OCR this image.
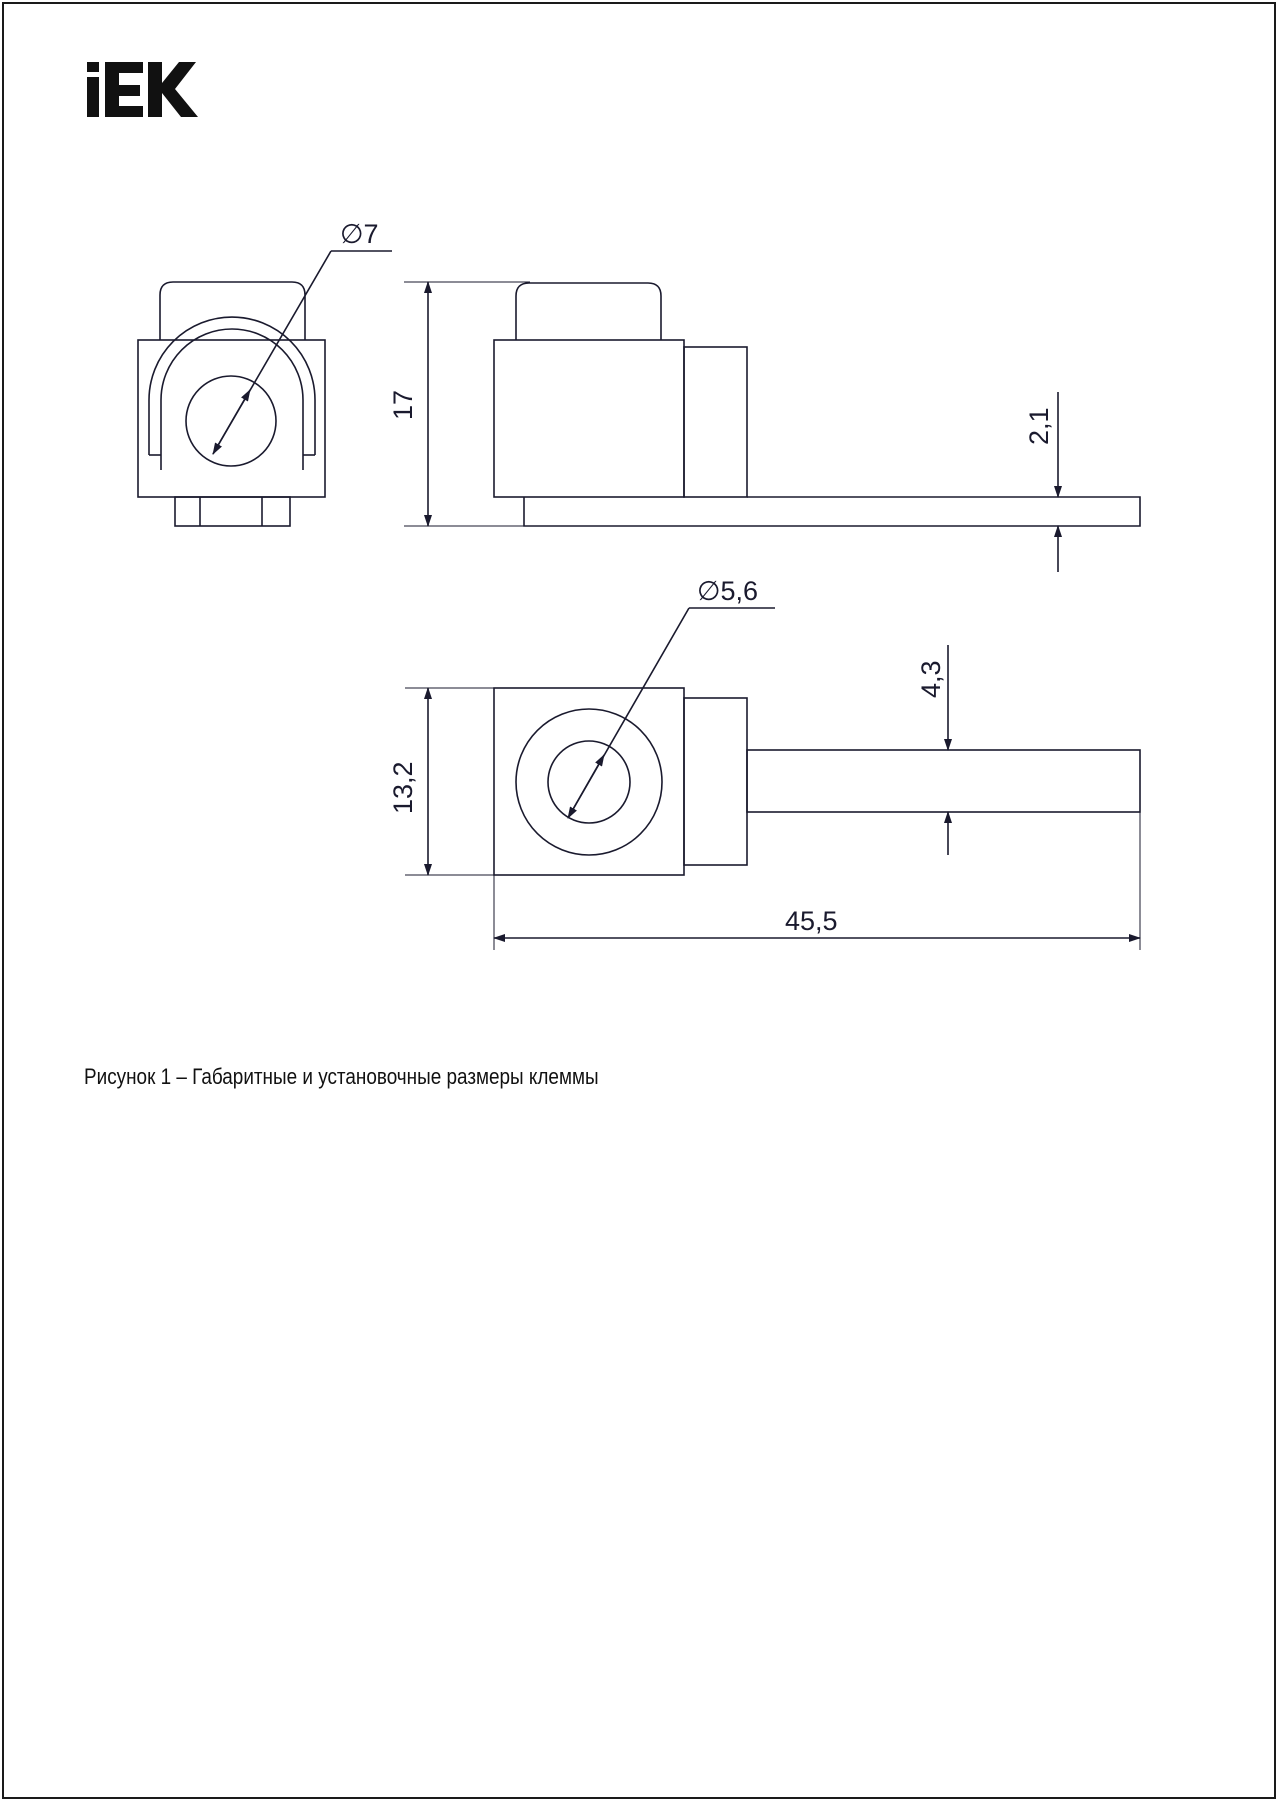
∅7
17
2,1
∅5,6
13,2
4,3
45,5
Рисунок 1 – Габаритные и установочные размеры клеммы
